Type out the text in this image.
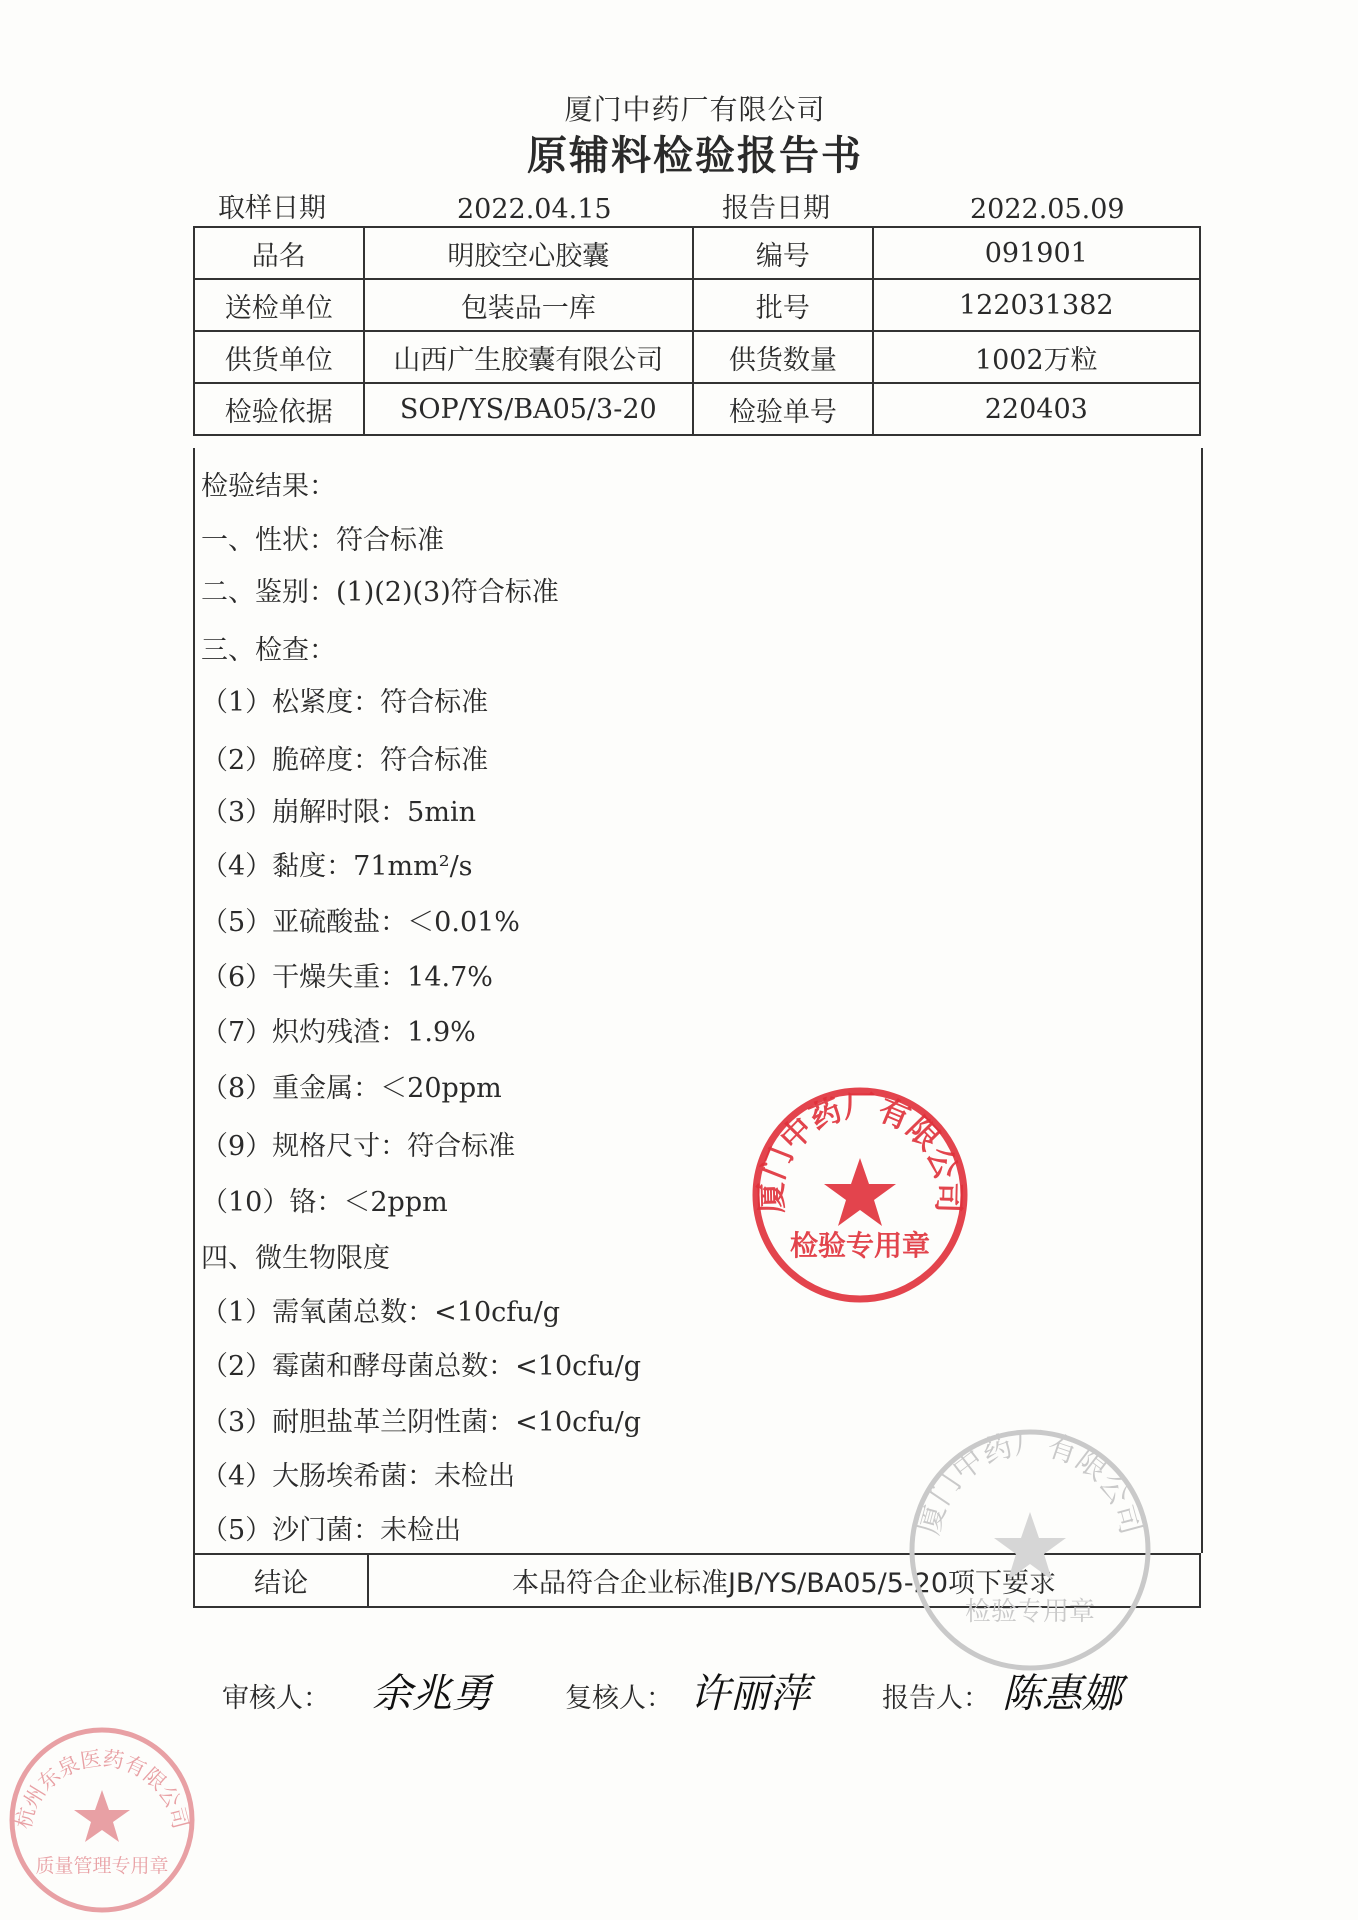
厦门中药厂有限公司
原辅料检验报告书
取样日期	2022.04.15	报告日期	2022.05.09
品名	明胶空心胶囊	编号	091901
送检单位	包装品一库	批号	122031382
供货单位	山西广生胶囊有限公司	供货数量	1002万粒
检验依据	SOP/YS/BA05/3-20	检验单号	220403
检验结果：
一、性状：符合标准
二、鉴别：(1)(2)(3)符合标准
三、检查：
（1）松紧度：符合标准
（2）脆碎度：符合标准
（3）崩解时限：5min
（4）黏度：71mm²/s
（5）亚硫酸盐：＜0.01%
（6）干燥失重：14.7%
（7）炽灼残渣：1.9%
（8）重金属：＜20ppm
（9）规格尺寸：符合标准
（10）铬：＜2ppm
四、微生物限度
（1）需氧菌总数：<10cfu/g
（2）霉菌和酵母菌总数：<10cfu/g
（3）耐胆盐革兰阴性菌：<10cfu/g
（4）大肠埃希菌：未检出
（5）沙门菌：未检出
结论	本品符合企业标准JB/YS/BA05/5-20项下要求
厦门中药厂有限公司
检验专用章
厦门中药厂有限公司
检验专用章
杭州东泉医药有限公司
质量管理专用章
审核人： 余兆勇	复核人： 许丽萍	报告人： 陈惠娜
